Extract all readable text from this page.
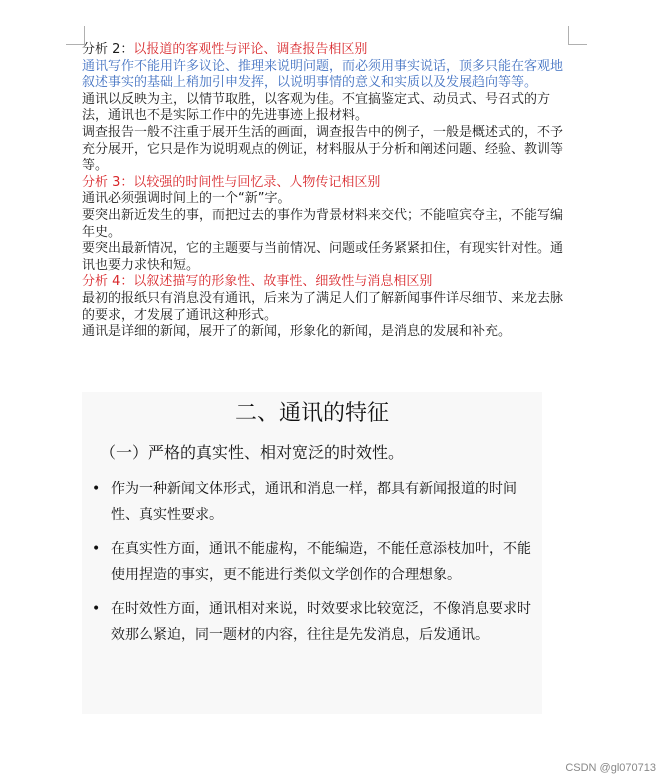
分析 2：以报道的客观性与评论、调查报告相区别

通讯写作不能用许多议论、推理来说明问题，而必须用事实说话，顶多只能在客观地叙述事实的基础上稍加引申发挥，以说明事情的意义和实质以及发展趋向等等。

通讯以反映为主，以情节取胜，以客观为佳。不宜搞鉴定式、动员式、号召式的方法，通讯也不是实际工作中的先进事迹上报材料。

调查报告一般不注重于展开生活的画面，调查报告中的例子，一般是概述式的，不予充分展开，它只是作为说明观点的例证，材料服从于分析和阐述问题、经验、教训等等。

分析 3：以较强的时间性与回忆录、人物传记相区别

通讯必须强调时间上的一个“新”字。

要突出新近发生的事，而把过去的事作为背景材料来交代；不能喧宾夺主，不能写编年史。

要突出最新情况，它的主题要与当前情况、问题或任务紧紧扣住，有现实针对性。通讯也要力求快和短。

分析 4：以叙述描写的形象性、故事性、细致性与消息相区别

最初的报纸只有消息没有通讯，后来为了满足人们了解新闻事件详尽细节、来龙去脉的要求，才发展了通讯这种形式。

通讯是详细的新闻，展开了的新闻，形象化的新闻，是消息的发展和补充。

二、通讯的特征
（一）严格的真实性、相对宽泛的时效性。
• 作为一种新闻文体形式，通讯和消息一样，都具有新闻报道的时间性、真实性要求。
• 在真实性方面，通讯不能虚构，不能编造，不能任意添枝加叶，不能使用捏造的事实，更不能进行类似文学创作的合理想象。
• 在时效性方面，通讯相对来说，时效要求比较宽泛，不像消息要求时效那么紧迫，同一题材的内容，往往是先发消息，后发通讯。
CSDN @gl070713
